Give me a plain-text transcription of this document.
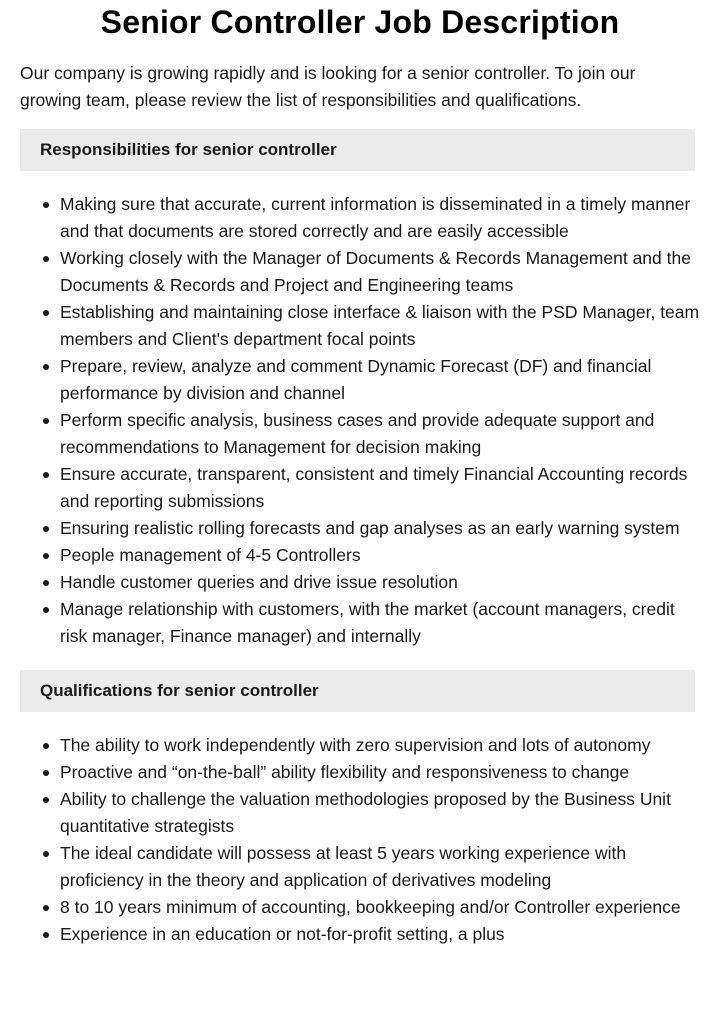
Senior Controller Job Description

Our company is growing rapidly and is looking for a senior controller. To join our growing team, please review the list of responsibilities and qualifications.

Responsibilities for senior controller
Making sure that accurate, current information is disseminated in a timely manner and that documents are stored correctly and are easily accessible
Working closely with the Manager of Documents & Records Management and the Documents & Records and Project and Engineering teams
Establishing and maintaining close interface & liaison with the PSD Manager, team members and Client's department focal points
Prepare, review, analyze and comment Dynamic Forecast (DF) and financial performance by division and channel
Perform specific analysis, business cases and provide adequate support and recommendations to Management for decision making
Ensure accurate, transparent, consistent and timely Financial Accounting records and reporting submissions
Ensuring realistic rolling forecasts and gap analyses as an early warning system
People management of 4-5 Controllers
Handle customer queries and drive issue resolution
Manage relationship with customers, with the market (account managers, credit risk manager, Finance manager) and internally
Qualifications for senior controller
The ability to work independently with zero supervision and lots of autonomy
Proactive and “on-the-ball” ability flexibility and responsiveness to change
Ability to challenge the valuation methodologies proposed by the Business Unit quantitative strategists
The ideal candidate will possess at least 5 years working experience with proficiency in the theory and application of derivatives modeling
8 to 10 years minimum of accounting, bookkeeping and/or Controller experience
Experience in an education or not-for-profit setting, a plus
